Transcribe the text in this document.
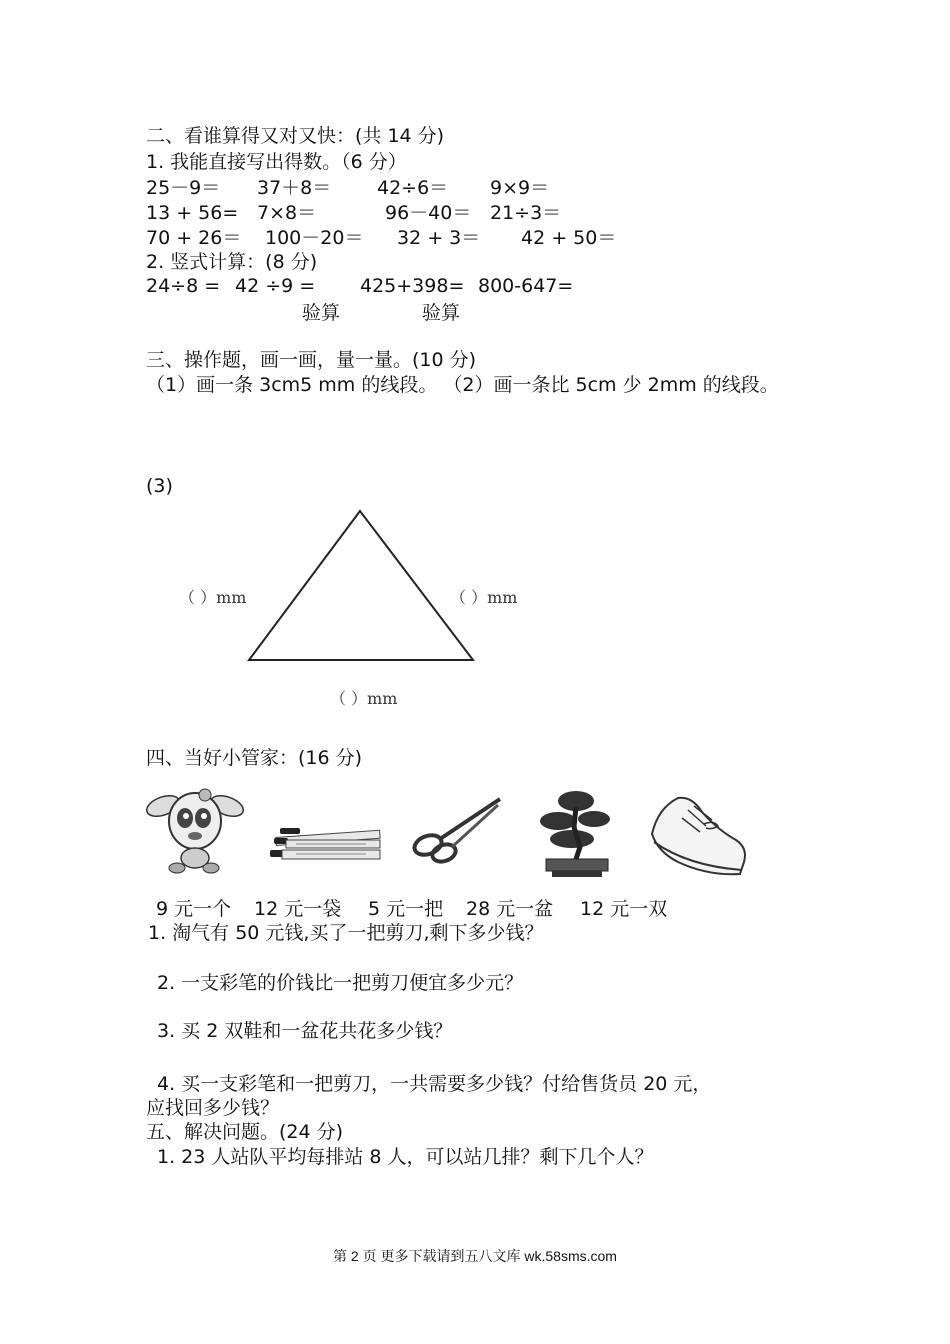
二、看谁算得又对又快：(共 14 分)
1. 我能直接写出得数。（6 分）
25－9＝ 37＋8＝ 42÷6＝ 9×9＝
13 + 56= 7×8＝	96－40＝ 21÷3＝
70 + 26＝ 100－20＝ 32 + 3＝ 42 + 50＝
2. 竖式计算：(8 分)
24÷8 = 42 ÷9 = 425+398= 800-647=
验算	验算
三、操作题，画一画，量一量。(10 分)
（1）画一条 3cm5 mm 的线段。 （2）画一条比 5cm 少 2mm 的线段。
(3)
（ ）mm	（ ）mm
（ ）mm
四、当好小管家：(16 分)
9 元一个 12 元一袋 5 元一把 28 元一盆 12 元一双
1. 淘气有 50 元钱,买了一把剪刀,剩下多少钱？
2. 一支彩笔的价钱比一把剪刀便宜多少元？
3. 买 2 双鞋和一盆花共花多少钱？
4. 买一支彩笔和一把剪刀，一共需要多少钱？付给售货员 20 元，
应找回多少钱？
五、解决问题。(24 分)
1. 23 人站队平均每排站 8 人，可以站几排？剩下几个人？
第 2 页 更多下载请到五八文库 wk.58sms.com
